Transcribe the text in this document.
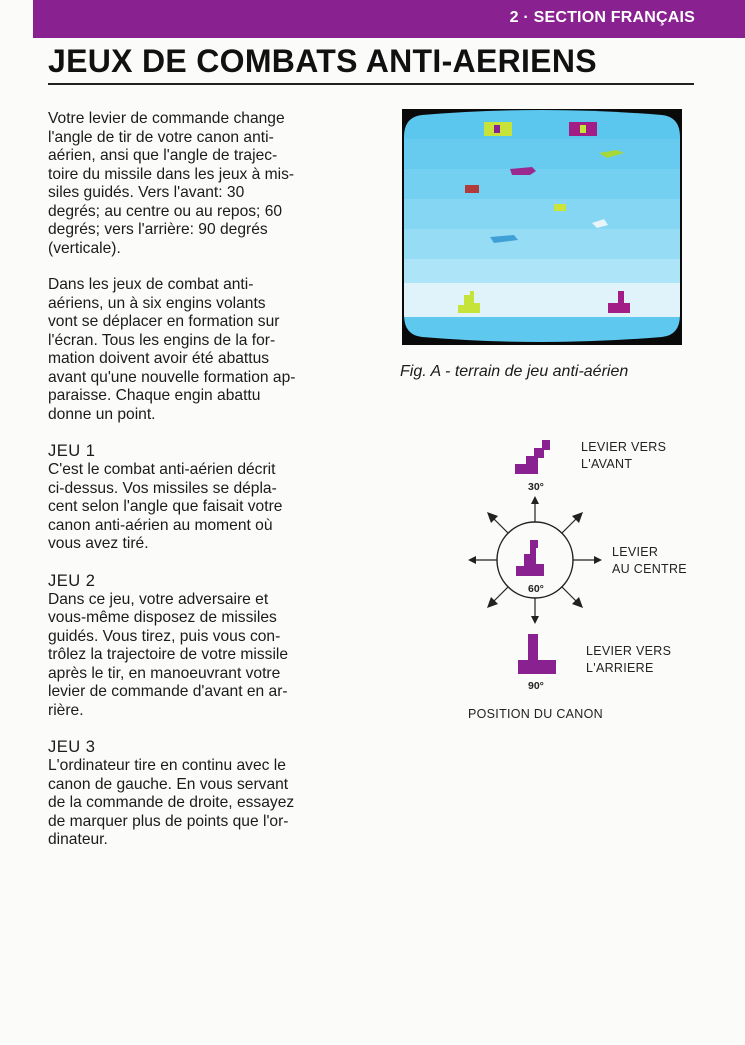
2 · SECTION FRANÇAIS
JEUX DE COMBATS ANTI-AERIENS

Votre levier de commande change
l'angle de tir de votre canon anti-
aérien, ansi que l'angle de trajec-
toire du missile dans les jeux à mis-
siles guidés. Vers l'avant: 30
degrés; au centre ou au repos; 60
degrés; vers l'arrière: 90 degrés
(verticale).

Dans les jeux de combat anti-
aériens, un à six engins volants
vont se déplacer en formation sur
l'écran. Tous les engins de la for-
mation doivent avoir été abattus
avant qu'une nouvelle formation ap-
paraisse. Chaque engin abattu
donne un point.

JEU 1

C'est le combat anti-aérien décrit
ci-dessus. Vos missiles se dépla-
cent selon l'angle que faisait votre
canon anti-aérien au moment où
vous avez tiré.

JEU 2

Dans ce jeu, votre adversaire et
vous-même disposez de missiles
guidés. Vous tirez, puis vous con-
trôlez la trajectoire de votre missile
après le tir, en manoeuvrant votre
levier de commande d'avant en ar-
rière.

JEU 3

L'ordinateur tire en continu avec le
canon de gauche. En vous servant
de la commande de droite, essayez
de marquer plus de points que l'or-
dinateur.

Fig. A - terrain de jeu anti-aérien
30°
60°
90°
LEVIER VERS
L'AVANT
LEVIER
AU CENTRE
LEVIER VERS
L'ARRIERE
POSITION DU CANON
